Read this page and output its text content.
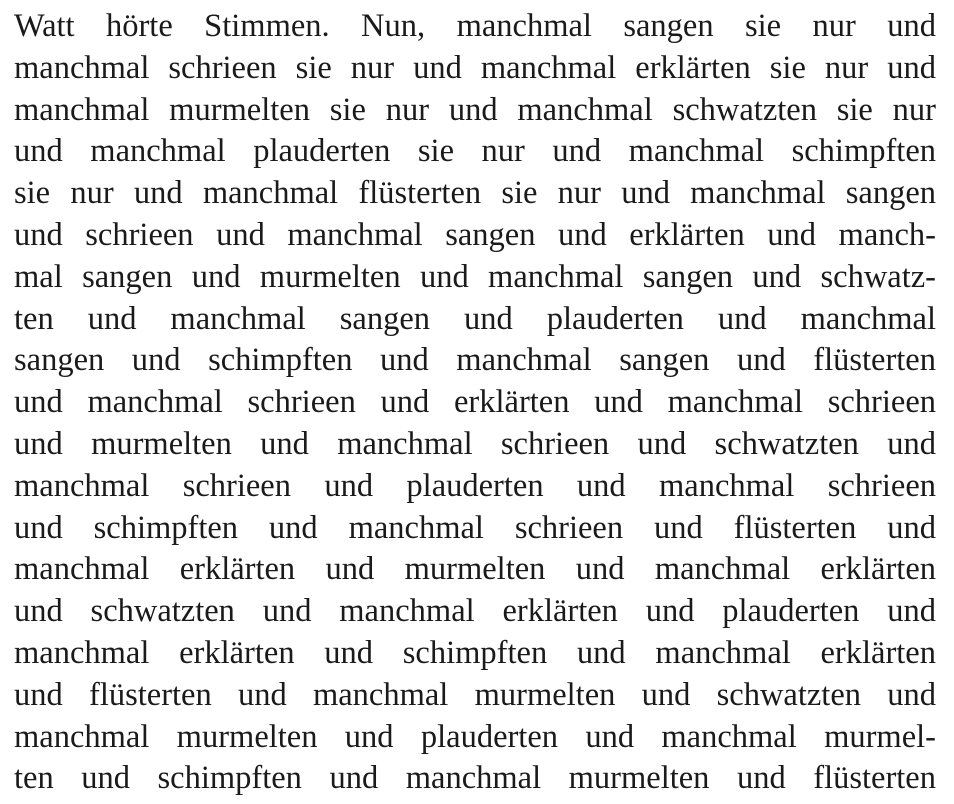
Watt hörte Stimmen. Nun, manchmal sangen sie nur und
manchmal schrieen sie nur und manchmal erklärten sie nur und
manchmal murmelten sie nur und manchmal schwatzten sie nur
und manchmal plauderten sie nur und manchmal schimpften
sie nur und manchmal flüsterten sie nur und manchmal sangen
und schrieen und manchmal sangen und erklärten und manch-
mal sangen und murmelten und manchmal sangen und schwatz-
ten und manchmal sangen und plauderten und manchmal
sangen und schimpften und manchmal sangen und flüsterten
und manchmal schrieen und erklärten und manchmal schrieen
und murmelten und manchmal schrieen und schwatzten und
manchmal schrieen und plauderten und manchmal schrieen
und schimpften und manchmal schrieen und flüsterten und
manchmal erklärten und murmelten und manchmal erklärten
und schwatzten und manchmal erklärten und plauderten und
manchmal erklärten und schimpften und manchmal erklärten
und flüsterten und manchmal murmelten und schwatzten und
manchmal murmelten und plauderten und manchmal murmel-
ten und schimpften und manchmal murmelten und flüsterten
